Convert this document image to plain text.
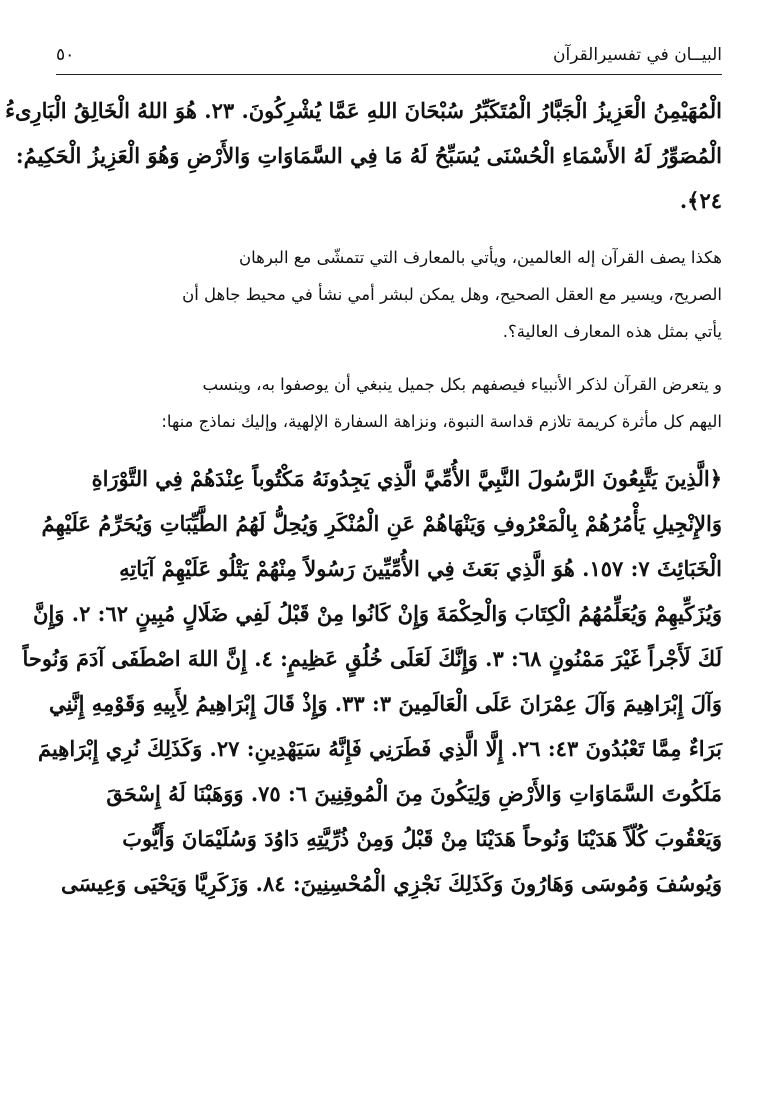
البيــان في تفسيرالقرآن
٥٠

الْمُهَيْمِنُ الْعَزِيزُ الْجَبَّارُ الْمُتَكَبِّرُ سُبْحَانَ اللهِ عَمَّا يُشْرِكُونَ. ٢٣. هُوَ اللهُ الْخَالِقُ الْبَارِىءُ
الْمُصَوِّرُ لَهُ الأَسْمَاءِ الْحُسْنَى يُسَبِّحُ لَهُ مَا فِي السَّمَاوَاتِ وَالأَرْضِ وَهُوَ الْعَزِيزُ الْحَكِيمُ:
٢٤﴾.

هكذا يصف القرآن إله العالمين، ويأتي بالمعارف التي تتمشّى مع البرهان
الصريح، ويسير مع العقل الصحيح، وهل يمكن لبشر أمي نشأ في محيط جاهل أن
يأتي بمثل هذه المعارف العالية؟.

و يتعرض القرآن لذكر الأنبياء فيصفهم بكل جميل ينبغي أن يوصفوا به، وينسب
اليهم كل مأثرة كريمة تلازم قداسة النبوة، ونزاهة السفارة الإلهية، وإليك نماذج منها:

﴿الَّذِينَ يَتَّبِعُونَ الرَّسُولَ النَّبِيَّ الأُمِّيَّ الَّذِي يَجِدُونَهُ مَكْتُوباً عِنْدَهُمْ فِي التَّوْرَاةِ
وَالإِنْجِيلِ يَأْمُرُهُمْ بِالْمَعْرُوفِ وَيَنْهَاهُمْ عَنِ الْمُنْكَرِ وَيُحِلُّ لَهُمُ الطَّيِّبَاتِ وَيُحَرِّمُ عَلَيْهِمُ
الْخَبَائِثَ ٧: ١٥٧. هُوَ الَّذِي بَعَثَ فِي الأُمِّيِّينَ رَسُولاً مِنْهُمْ يَتْلُو عَلَيْهِمْ آيَاتِهِ
وَيُزَكِّيهِمْ وَيُعَلِّمُهُمُ الْكِتَابَ وَالْحِكْمَةَ وَإِنْ كَانُوا مِنْ قَبْلُ لَفِي ضَلَالٍ مُبِينٍ ٦٢: ٢. وَإِنَّ
لَكَ لَأَجْراً غَيْرَ مَمْنُونٍ ٦٨: ٣. وَإِنَّكَ لَعَلَى خُلُقٍ عَظِيمٍ: ٤. إِنَّ اللهَ اصْطَفَى آدَمَ وَنُوحاً
وَآلَ إِبْرَاهِيمَ وَآلَ عِمْرَانَ عَلَى الْعَالَمِينَ ٣: ٣٣. وَإِذْ قَالَ إِبْرَاهِيمُ لِأَبِيهِ وَقَوْمِهِ إِنَّنِي
بَرَاءٌ مِمَّا تَعْبُدُونَ ٤٣: ٢٦. إِلَّا الَّذِي فَطَرَنِي فَإِنَّهُ سَيَهْدِينِ: ٢٧. وَكَذَلِكَ نُرِي إِبْرَاهِيمَ
مَلَكُوتَ السَّمَاوَاتِ وَالأَرْضِ وَلِيَكُونَ مِنَ الْمُوقِنِينَ ٦: ٧٥. وَوَهَبْنَا لَهُ إِسْحَقَ
وَيَعْقُوبَ كُلّاً هَدَيْنَا وَنُوحاً هَدَيْنَا مِنْ قَبْلُ وَمِنْ ذُرِّيَّتِهِ دَاوُدَ وَسُلَيْمَانَ وَأَيُّوبَ
وَيُوسُفَ وَمُوسَى وَهَارُونَ وَكَذَلِكَ نَجْزِي الْمُحْسِنِينَ: ٨٤. وَزَكَرِيَّا وَيَحْيَى وَعِيسَى
